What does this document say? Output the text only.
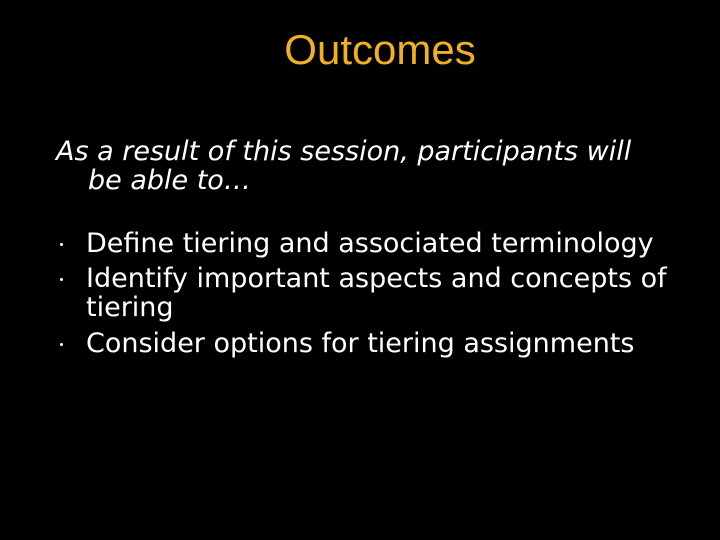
Outcomes

As a result of this session, participants will
be able to…

Define tiering and associated terminology
Identify important aspects and concepts of tiering
Consider options for tiering assignments
